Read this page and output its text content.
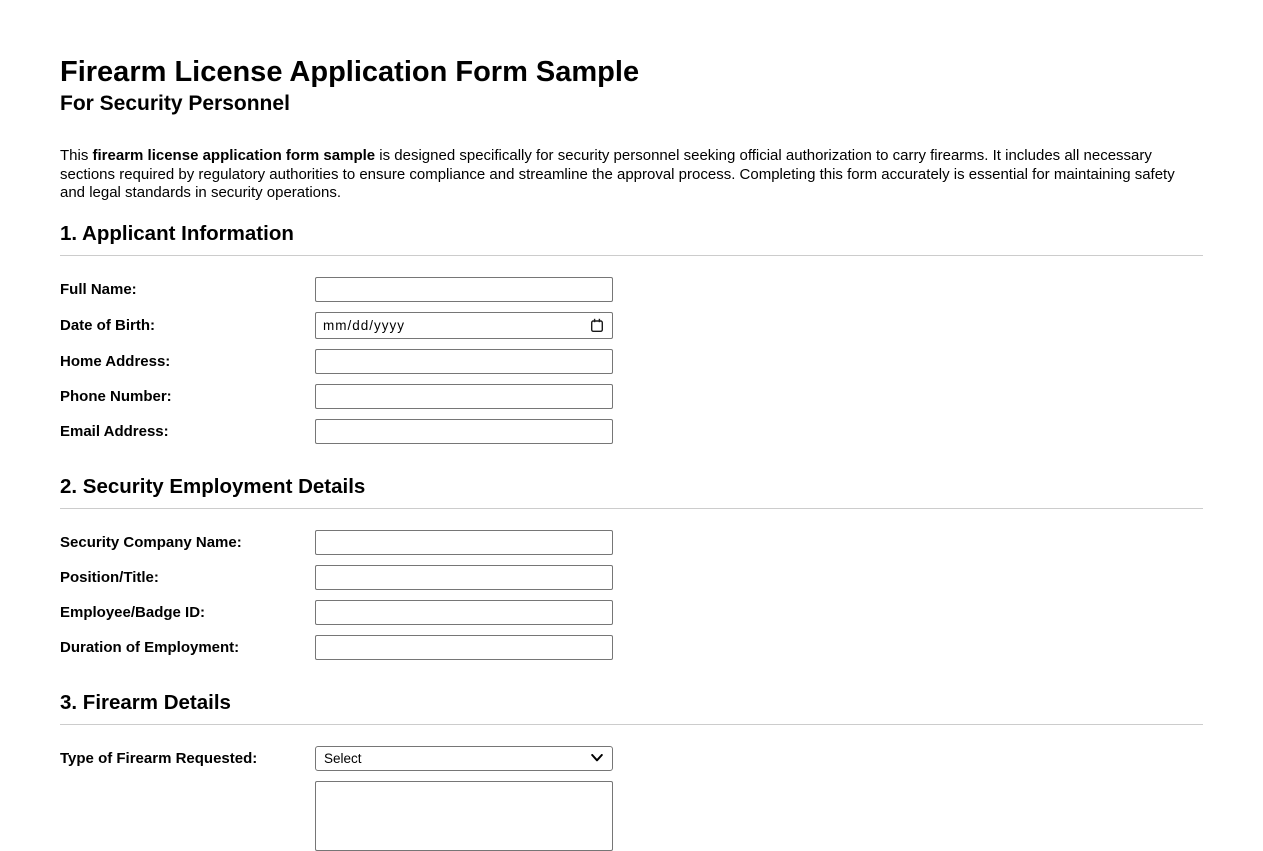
Firearm License Application Form Sample
For Security Personnel

This firearm license application form sample is designed specifically for security personnel seeking official authorization to carry firearms. It includes all necessary sections required by regulatory authorities to ensure compliance and streamline the approval process. Completing this form accurately is essential for maintaining safety and legal standards in security operations.

1. Applicant Information
Full Name:
Date of Birth:	mm/dd/yyyy
Home Address:
Phone Number:
Email Address:
2. Security Employment Details
Security Company Name:
Position/Title:
Employee/Badge ID:
Duration of Employment:
3. Firearm Details
Type of Firearm Requested:	Select
